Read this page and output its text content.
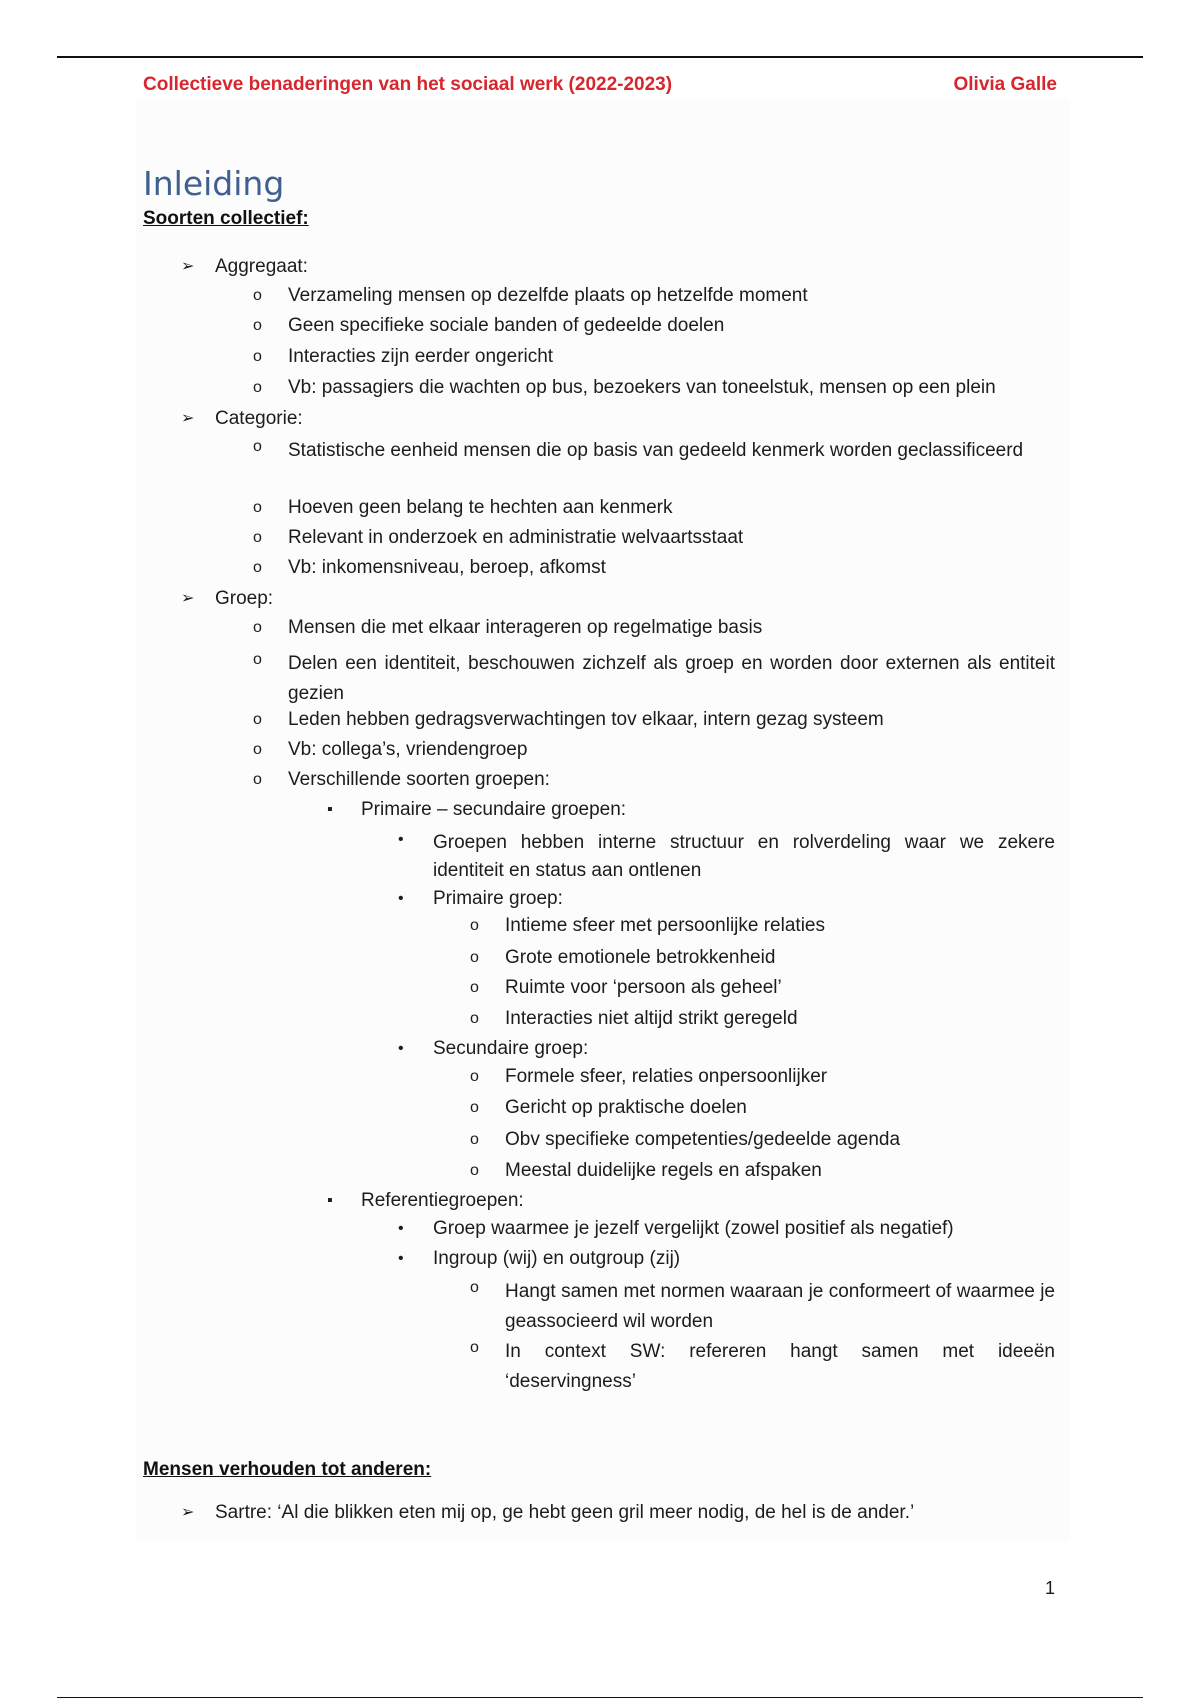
Collectieve benaderingen van het sociaal werk (2022-2023)	Olivia Galle
Inleiding
Soorten collectief:
➢ Aggregaat:
o Verzameling mensen op dezelfde plaats op hetzelfde moment
o Geen specifieke sociale banden of gedeelde doelen
o Interacties zijn eerder ongericht
o Vb: passagiers die wachten op bus, bezoekers van toneelstuk, mensen op een plein
➢ Categorie:
o Statistische eenheid mensen die op basis van gedeeld kenmerk worden geclassificeerd
o Hoeven geen belang te hechten aan kenmerk
o Relevant in onderzoek en administratie welvaartsstaat
o Vb: inkomensniveau, beroep, afkomst
➢ Groep:
o Mensen die met elkaar interageren op regelmatige basis
o Delen een identiteit, beschouwen zichzelf als groep en worden door externen als entiteit gezien
o Leden hebben gedragsverwachtingen tov elkaar, intern gezag systeem
o Vb: collega’s, vriendengroep
o Verschillende soorten groepen:
▪ Primaire – secundaire groepen:
• Groepen hebben interne structuur en rolverdeling waar we zekere identiteit en status aan ontlenen
• Primaire groep:
o Intieme sfeer met persoonlijke relaties
o Grote emotionele betrokkenheid
o Ruimte voor ‘persoon als geheel’
o Interacties niet altijd strikt geregeld
• Secundaire groep:
o Formele sfeer, relaties onpersoonlijker
o Gericht op praktische doelen
o Obv specifieke competenties/gedeelde agenda
o Meestal duidelijke regels en afspaken
▪ Referentiegroepen:
• Groep waarmee je jezelf vergelijkt (zowel positief als negatief)
• Ingroup (wij) en outgroup (zij)
o Hangt samen met normen waaraan je conformeert of waarmee je geassocieerd wil worden
o In context SW: refereren hangt samen met ideeën ‘deservingness’
Mensen verhouden tot anderen:
➢ Sartre: ‘Al die blikken eten mij op, ge hebt geen gril meer nodig, de hel is de ander.’
1
